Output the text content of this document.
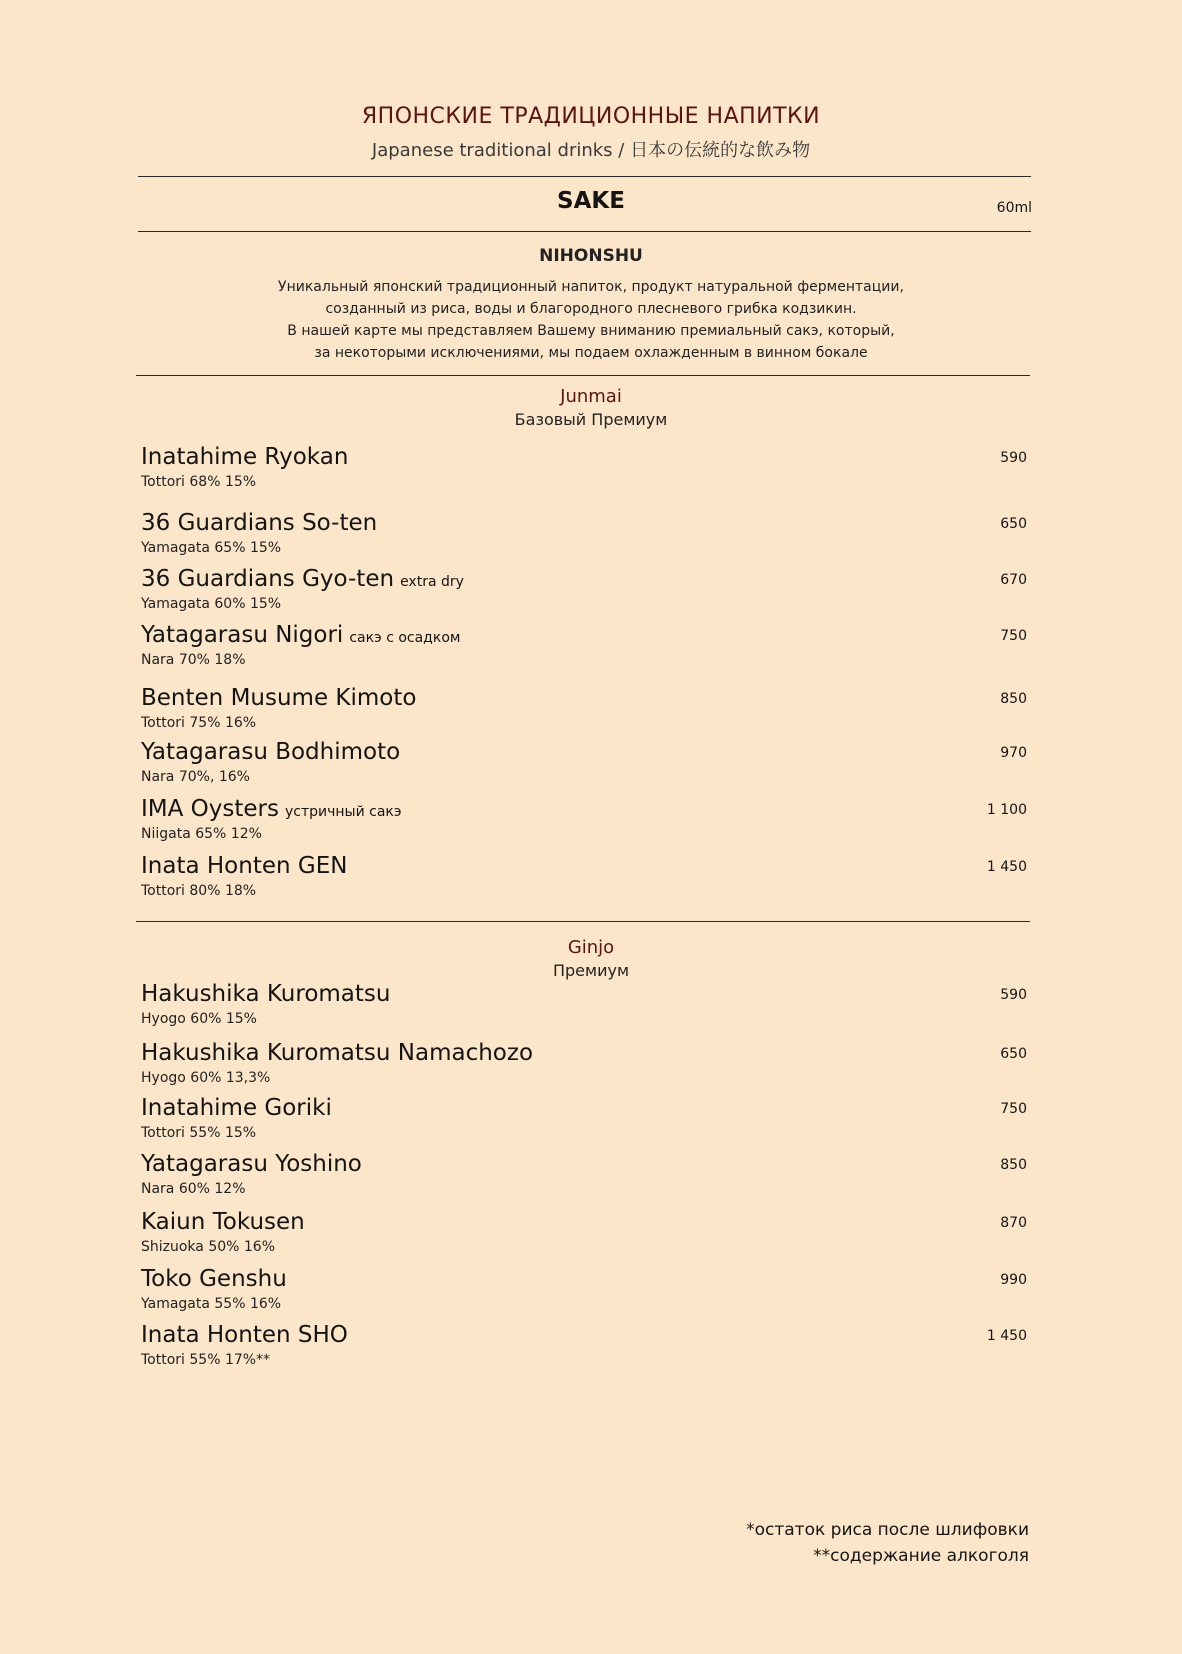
ЯПОНСКИЕ ТРАДИЦИОННЫЕ НАПИТКИ
Japanese traditional drinks / 日本の伝統的な飲み物
SAKE	60ml
NIHONSHU
Уникальный японский традиционный напиток, продукт натуральной ферментации,
созданный из риса, воды и благородного плесневого грибка кодзикин.
В нашей карте мы представляем Вашему вниманию премиальный сакэ, который,
за некоторыми исключениями, мы подаем охлажденным в винном бокале
Junmai
Базовый Премиум
Inatahime Ryokan
Tottori 68% 15%
590
36 Guardians So-ten
Yamagata 65% 15%
650
36 Guardians Gyo-ten extra dry
Yamagata 60% 15%
670
Yatagarasu Nigori сакэ с осадком
Nara 70% 18%
750
Benten Musume Kimoto
Tottori 75% 16%
850
Yatagarasu Bodhimoto
Nara 70%, 16%
970
IMA Oysters устричный сакэ
Niigata 65% 12%
1 100
Inata Honten GEN
Tottori 80% 18%
1 450
Ginjo
Премиум
Hakushika Kuromatsu
Hyogo 60% 15%
590
Hakushika Kuromatsu Namachozo
Hyogo 60% 13,3%
650
Inatahime Goriki
Tottori 55% 15%
750
Yatagarasu Yoshino
Nara 60% 12%
850
Kaiun Tokusen
Shizuoka 50% 16%
870
Toko Genshu
Yamagata 55% 16%
990
Inata Honten SHO
Tottori 55% 17%**
1 450
*остаток риса после шлифовки
**содержание алкоголя
